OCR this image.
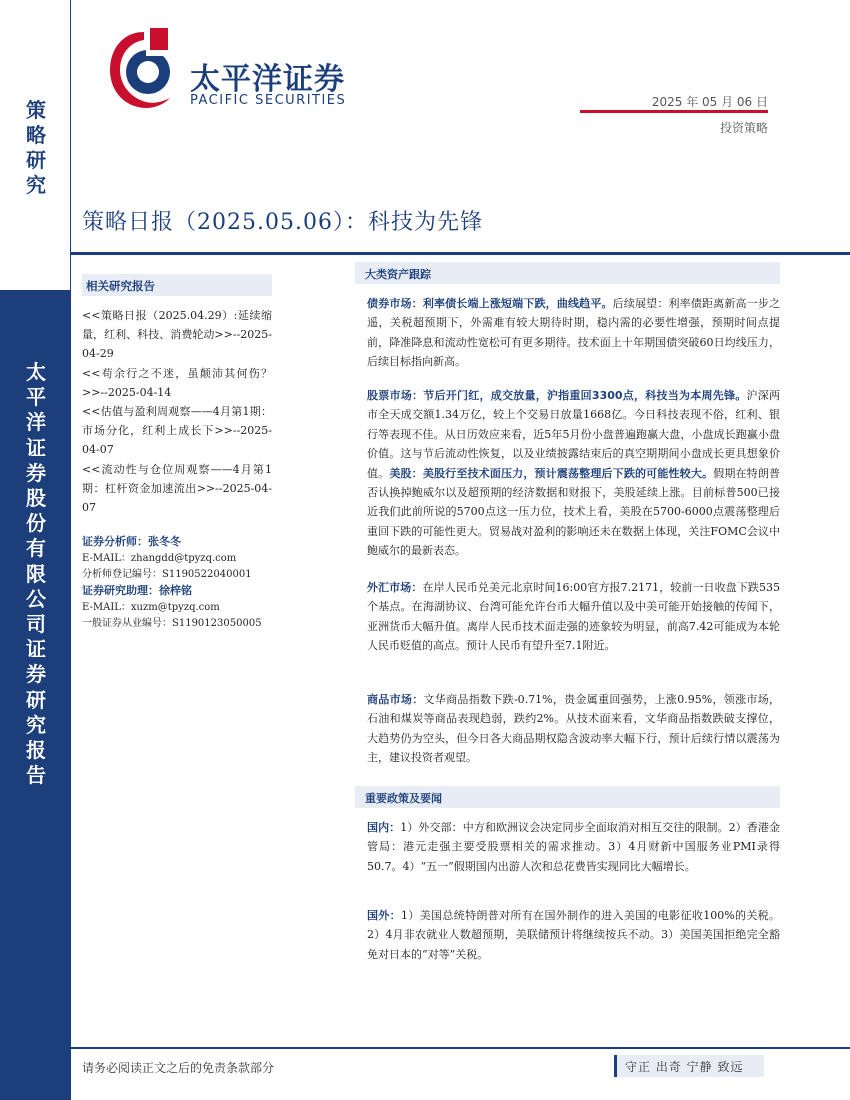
策略研究
太平洋证券股份有限公司证券研究报告
太平洋证券
PACIFIC SECURITIES	2025 年 05 月 06 日
投资策略
策略日报（2025.05.06）：科技为先锋
相关研究报告
<<策略日报（2025.04.29）:延续缩量，红利、科技、消费轮动>>--2025-04-29
<<苟余行之不迷，虽颠沛其何伤？>>--2025-04-14
<<估值与盈利周观察——4月第1期：市场分化，红利上成长下>>--2025-04-07
<<流动性与仓位周观察——4月第1期：杠杆资金加速流出>>--2025-04-07
证券分析师：张冬冬
E-MAIL：zhangdd@tpyzq.com
分析师登记编号：S1190522040001
证券研究助理：徐梓铭
E-MAIL：xuzm@tpyzq.com
一般证券从业编号：S1190123050005
大类资产跟踪
债券市场：利率债长端上涨短端下跌，曲线趋平。后续展望：利率债距离新高一步之遥，关税超预期下，外需难有较大期待时期，稳内需的必要性增强，预期时间点提前，降准降息和流动性宽松可有更多期待。技术面上十年期国债突破60日均线压力，后续目标指向新高。
股票市场：节后开门红，成交放量，沪指重回3300点，科技当为本周先锋。沪深两市全天成交额1.34万亿，较上个交易日放量1668亿。今日科技表现不俗，红利、银行等表现不佳。从日历效应来看，近5年5月份小盘普遍跑赢大盘，小盘成长跑赢小盘价值。这与节后流动性恢复，以及业绩披露结束后的真空期期间小盘成长更具想象价值。美股：美股行至技术面压力，预计震荡整理后下跌的可能性较大。假期在特朗普否认换掉鲍威尔以及超预期的经济数据和财报下，美股延续上涨。目前标普500已接近我们此前所说的5700点这一压力位，技术上看，美股在5700-6000点震荡整理后重回下跌的可能性更大。贸易战对盈利的影响还未在数据上体现，关注FOMC会议中鲍威尔的最新表态。
外汇市场：在岸人民币兑美元北京时间16:00官方报7.2171，较前一日收盘下跌535个基点。在海湖协议、台湾可能允许台币大幅升值以及中美可能开始接触的传闻下，亚洲货币大幅升值。离岸人民币技术面走强的迹象较为明显，前高7.42可能成为本轮人民币贬值的高点。预计人民币有望升至7.1附近。
商品市场：文华商品指数下跌-0.71%，贵金属重回强势，上涨0.95%，领涨市场，石油和煤炭等商品表现趋弱，跌约2%。从技术面来看，文华商品指数跌破支撑位，大趋势仍为空头，但今日各大商品期权隐含波动率大幅下行，预计后续行情以震荡为主，建议投资者观望。
重要政策及要闻
国内：1）外交部：中方和欧洲议会决定同步全面取消对相互交往的限制。2）香港金管局：港元走强主要受股票相关的需求推动。3）4月财新中国服务业PMI录得50.7。4）“五一”假期国内出游人次和总花费皆实现同比大幅增长。
国外：1）美国总统特朗普对所有在国外制作的进入美国的电影征收100%的关税。2）4月非农就业人数超预期，美联储预计将继续按兵不动。3）美国美国拒绝完全豁免对日本的“对等”关税。
请务必阅读正文之后的免责条款部分	守正 出奇 宁静 致远
